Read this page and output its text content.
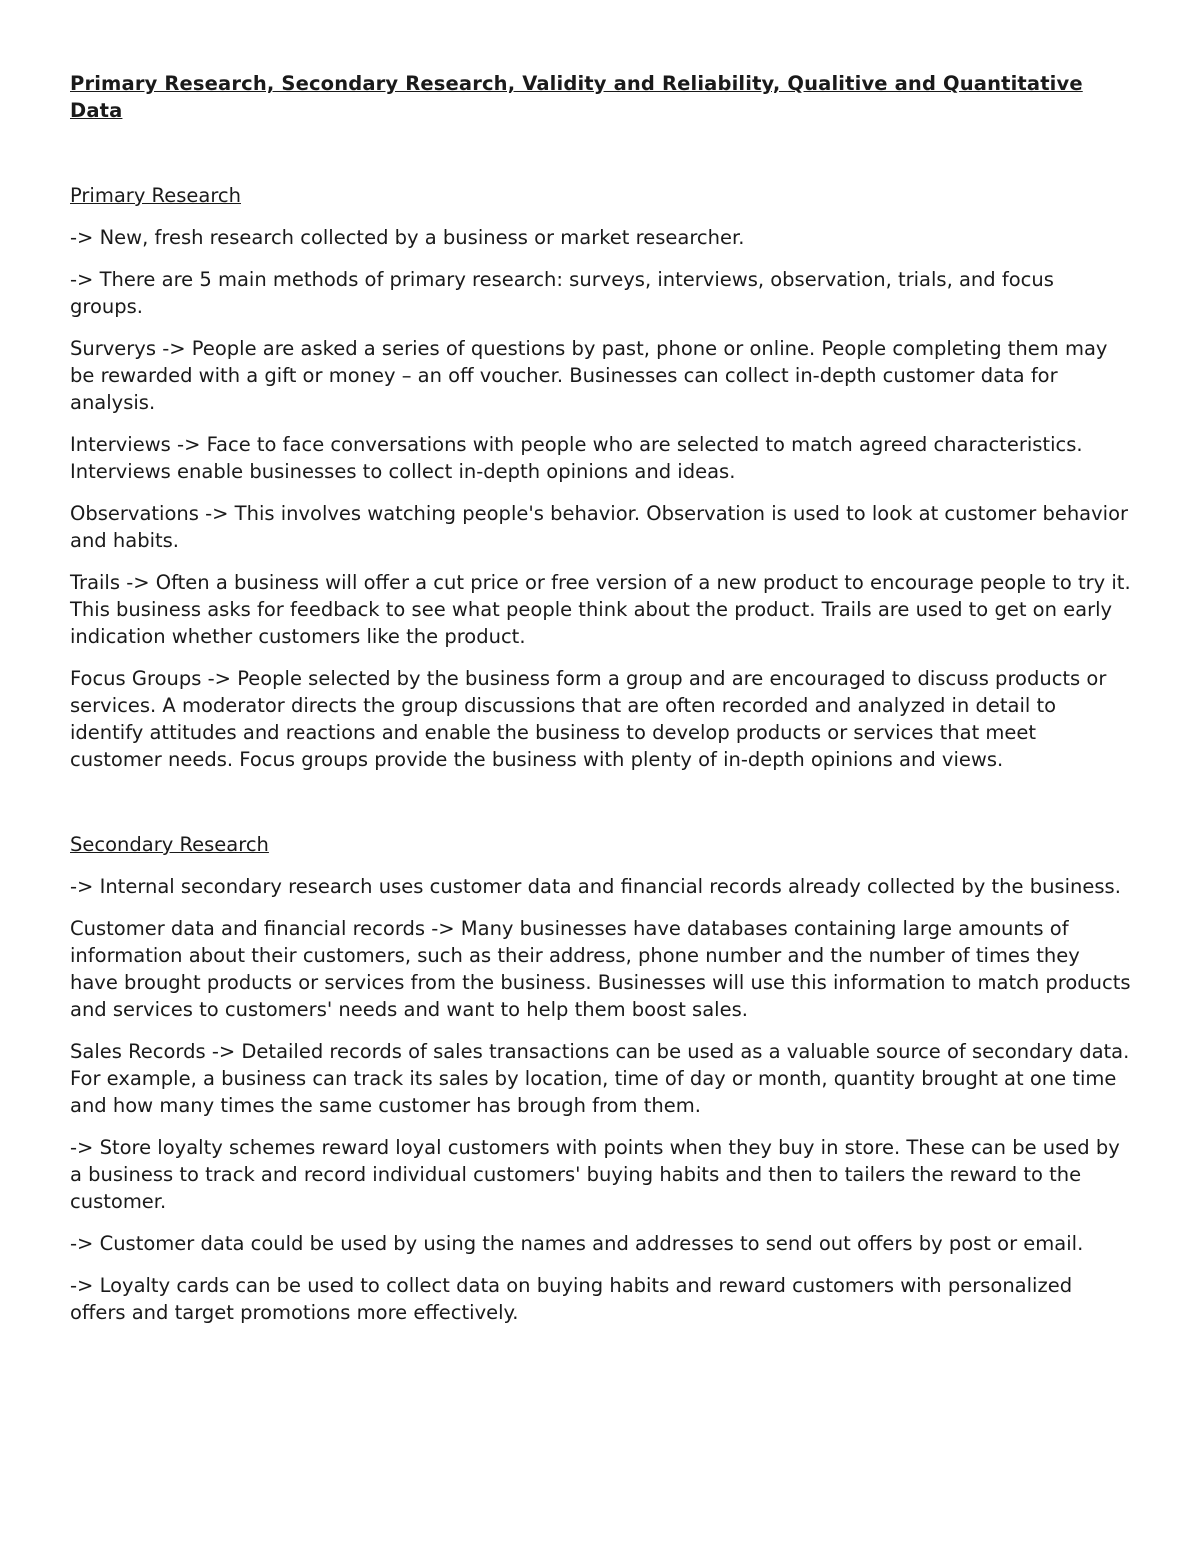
Primary Research, Secondary Research, Validity and Reliability, Qualitive and Quantitative Data

Primary Research

-> New, fresh research collected by a business or market researcher.

-> There are 5 main methods of primary research: surveys, interviews, observation, trials, and focus groups.

Surverys -> People are asked a series of questions by past, phone or online. People completing them may be rewarded with a gift or money – an off voucher. Businesses can collect in-depth customer data for analysis.

Interviews -> Face to face conversations with people who are selected to match agreed characteristics. Interviews enable businesses to collect in-depth opinions and ideas.

Observations -> This involves watching people's behavior. Observation is used to look at customer behavior and habits.

Trails -> Often a business will offer a cut price or free version of a new product to encourage people to try it. This business asks for feedback to see what people think about the product. Trails are used to get on early indication whether customers like the product.

Focus Groups -> People selected by the business form a group and are encouraged to discuss products or services. A moderator directs the group discussions that are often recorded and analyzed in detail to identify attitudes and reactions and enable the business to develop products or services that meet customer needs. Focus groups provide the business with plenty of in-depth opinions and views.

Secondary Research

-> Internal secondary research uses customer data and financial records already collected by the business.

Customer data and financial records -> Many businesses have databases containing large amounts of information about their customers, such as their address, phone number and the number of times they have brought products or services from the business. Businesses will use this information to match products and services to customers' needs and want to help them boost sales.

Sales Records -> Detailed records of sales transactions can be used as a valuable source of secondary data. For example, a business can track its sales by location, time of day or month, quantity brought at one time and how many times the same customer has brough from them.

-> Store loyalty schemes reward loyal customers with points when they buy in store. These can be used by a business to track and record individual customers' buying habits and then to tailers the reward to the customer.

-> Customer data could be used by using the names and addresses to send out offers by post or email.

-> Loyalty cards can be used to collect data on buying habits and reward customers with personalized offers and target promotions more effectively.
